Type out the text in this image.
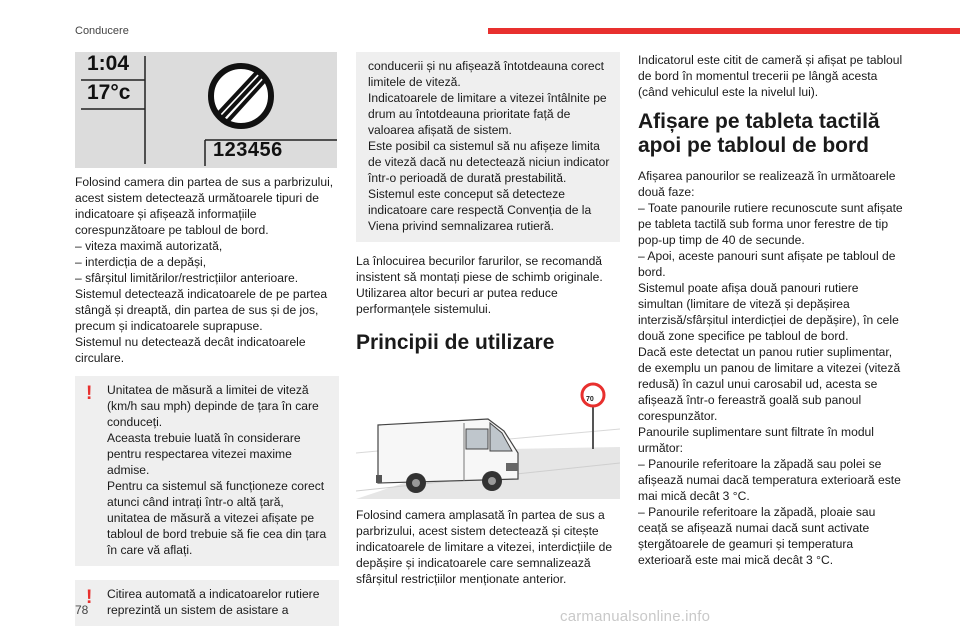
Conducere
1:04
17°c
123456

Folosind camera din partea de sus a parbrizului, acest sistem detectează următoarele tipuri de indicatoare și afișează informațiile corespunzătoare pe tabloul de bord.

– viteza maximă autorizată,

– interdicția de a depăși,

– sfârșitul limitărilor/restricțiilor anterioare.

Sistemul detectează indicatoarele de pe partea stângă și dreaptă, din partea de sus și de jos, precum și indicatoarele suprapuse.

Sistemul nu detectează decât indicatoarele circulare.

! Unitatea de măsură a limitei de viteză (km/h sau mph) depinde de țara în care conduceți.

Aceasta trebuie luată în considerare pentru respectarea vitezei maxime admise.

Pentru ca sistemul să funcționeze corect atunci când intrați într-o altă țară, unitatea de măsură a vitezei afișate pe tabloul de bord trebuie să fie cea din țara în care vă aflați.

! Citirea automată a indicatoarelor rutiere reprezintă un sistem de asistare a

conducerii și nu afișează întotdeauna corect limitele de viteză.

Indicatoarele de limitare a vitezei întâlnite pe drum au întotdeauna prioritate față de valoarea afișată de sistem.

Este posibil ca sistemul să nu afișeze limita de viteză dacă nu detectează niciun indicator într-o perioadă de durată prestabilită.

Sistemul este conceput să detecteze indicatoare care respectă Convenția de la Viena privind semnalizarea rutieră.

La înlocuirea becurilor farurilor, se recomandă insistent să montați piese de schimb originale.

Utilizarea altor becuri ar putea reduce performanțele sistemului.

Principii de utilizare
70

Folosind camera amplasată în partea de sus a parbrizului, acest sistem detectează și citește indicatoarele de limitare a vitezei, interdicțiile de depășire și indicatoarele care semnalizează sfârșitul restricțiilor menționate anterior.

Indicatorul este citit de cameră și afișat pe tabloul de bord în momentul trecerii pe lângă acesta (când vehiculul este la nivelul lui).

Afișare pe tableta tactilă apoi pe tabloul de bord

Afișarea panourilor se realizează în următoarele două faze:

– Toate panourile rutiere recunoscute sunt afișate pe tableta tactilă sub forma unor ferestre de tip pop-up timp de 40 de secunde.

– Apoi, aceste panouri sunt afișate pe tabloul de bord.

Sistemul poate afișa două panouri rutiere simultan (limitare de viteză și depășirea interzisă/sfârșitul interdicției de depășire), în cele două zone specifice pe tabloul de bord.

Dacă este detectat un panou rutier suplimentar, de exemplu un panou de limitare a vitezei (viteză redusă) în cazul unui carosabil ud, acesta se afișează într-o fereastră goală sub panoul corespunzător.

Panourile suplimentare sunt filtrate în modul următor:

– Panourile referitoare la zăpadă sau polei se afișează numai dacă temperatura exterioară este mai mică decât 3 °C.

– Panourile referitoare la zăpadă, ploaie sau ceață se afișează numai dacă sunt activate ștergătoarele de geamuri și temperatura exterioară este mai mică decât 3 °C.

78	carmanualsonline.info
